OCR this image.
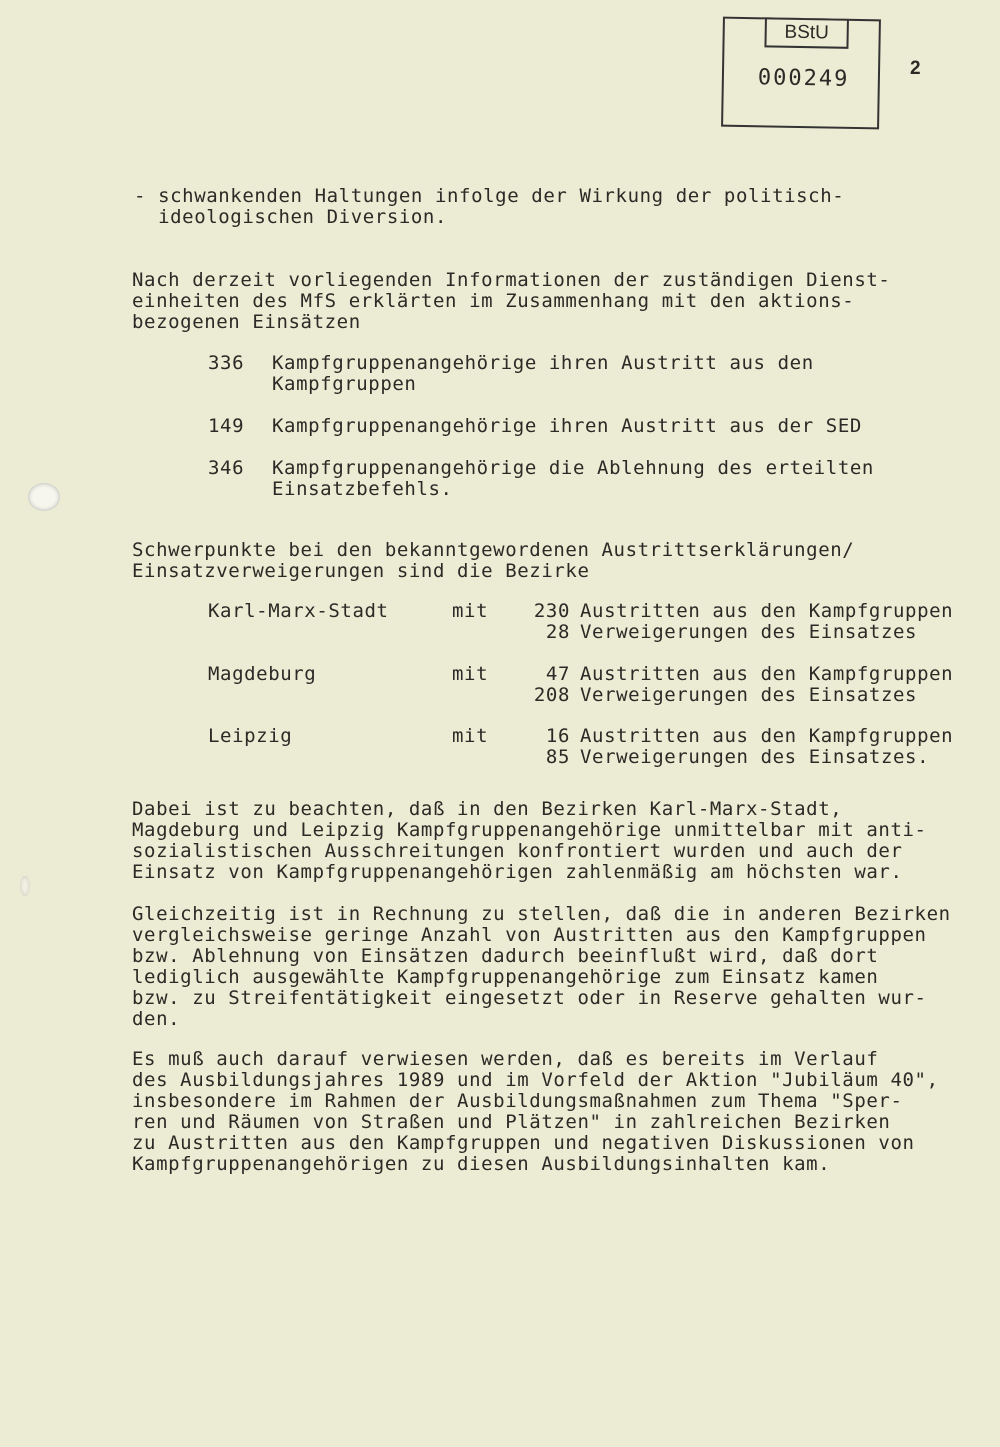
BStU
000249	2
- schwankenden Haltungen infolge der Wirkung der politisch-
ideologischen Diversion.
Nach derzeit vorliegenden Informationen der zuständigen Dienst-
einheiten des MfS erklärten im Zusammenhang mit den aktions-
bezogenen Einsätzen
336 Kampfgruppenangehörige ihren Austritt aus den
Kampfgruppen
149 Kampfgruppenangehörige ihren Austritt aus der SED
346 Kampfgruppenangehörige die Ablehnung des erteilten
Einsatzbefehls.
Schwerpunkte bei den bekanntgewordenen Austrittserklärungen/
Einsatzverweigerungen sind die Bezirke
Karl-Marx-Stadt	mit	230 Austritten aus den Kampfgruppen
28 Verweigerungen des Einsatzes
Magdeburg	mit	47 Austritten aus den Kampfgruppen
208 Verweigerungen des Einsatzes
Leipzig	mit	16 Austritten aus den Kampfgruppen
85 Verweigerungen des Einsatzes.
Dabei ist zu beachten, daß in den Bezirken Karl-Marx-Stadt,
Magdeburg und Leipzig Kampfgruppenangehörige unmittelbar mit anti-
sozialistischen Ausschreitungen konfrontiert wurden und auch der
Einsatz von Kampfgruppenangehörigen zahlenmäßig am höchsten war.
Gleichzeitig ist in Rechnung zu stellen, daß die in anderen Bezirken
vergleichsweise geringe Anzahl von Austritten aus den Kampfgruppen
bzw. Ablehnung von Einsätzen dadurch beeinflußt wird, daß dort
lediglich ausgewählte Kampfgruppenangehörige zum Einsatz kamen
bzw. zu Streifentätigkeit eingesetzt oder in Reserve gehalten wur-
den.
Es muß auch darauf verwiesen werden, daß es bereits im Verlauf
des Ausbildungsjahres 1989 und im Vorfeld der Aktion "Jubiläum 40",
insbesondere im Rahmen der Ausbildungsmaßnahmen zum Thema "Sper-
ren und Räumen von Straßen und Plätzen" in zahlreichen Bezirken
zu Austritten aus den Kampfgruppen und negativen Diskussionen von
Kampfgruppenangehörigen zu diesen Ausbildungsinhalten kam.
